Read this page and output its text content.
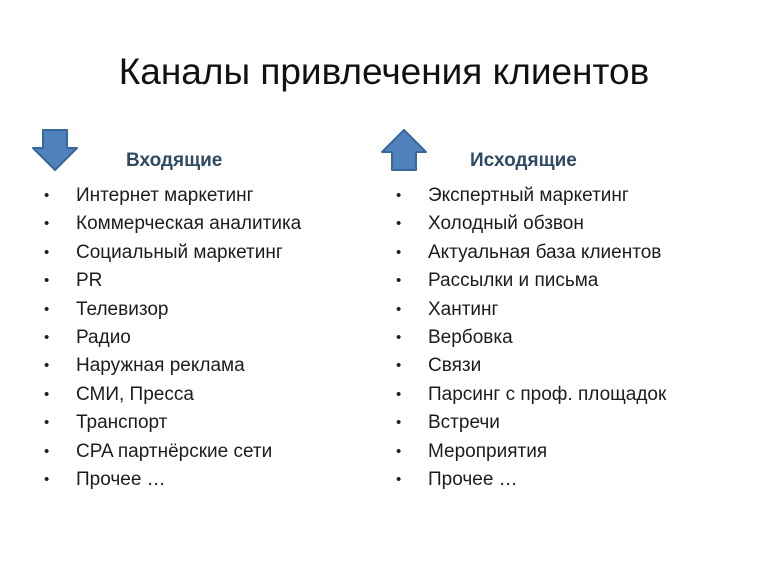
Каналы привлечения клиентов
Входящие	Исходящие
• Интернет маркетинг
• Коммерческая аналитика
• Социальный маркетинг
• PR
• Телевизор
• Радио
• Наружная реклама
• СМИ, Пресса
• Транспорт
• CPA партнёрские сети
• Прочее …
• Экспертный маркетинг
• Холодный обзвон
• Актуальная база клиентов
• Рассылки и письма
• Хантинг
• Вербовка
• Связи
• Парсинг с проф. площадок
• Встречи
• Мероприятия
• Прочее …
